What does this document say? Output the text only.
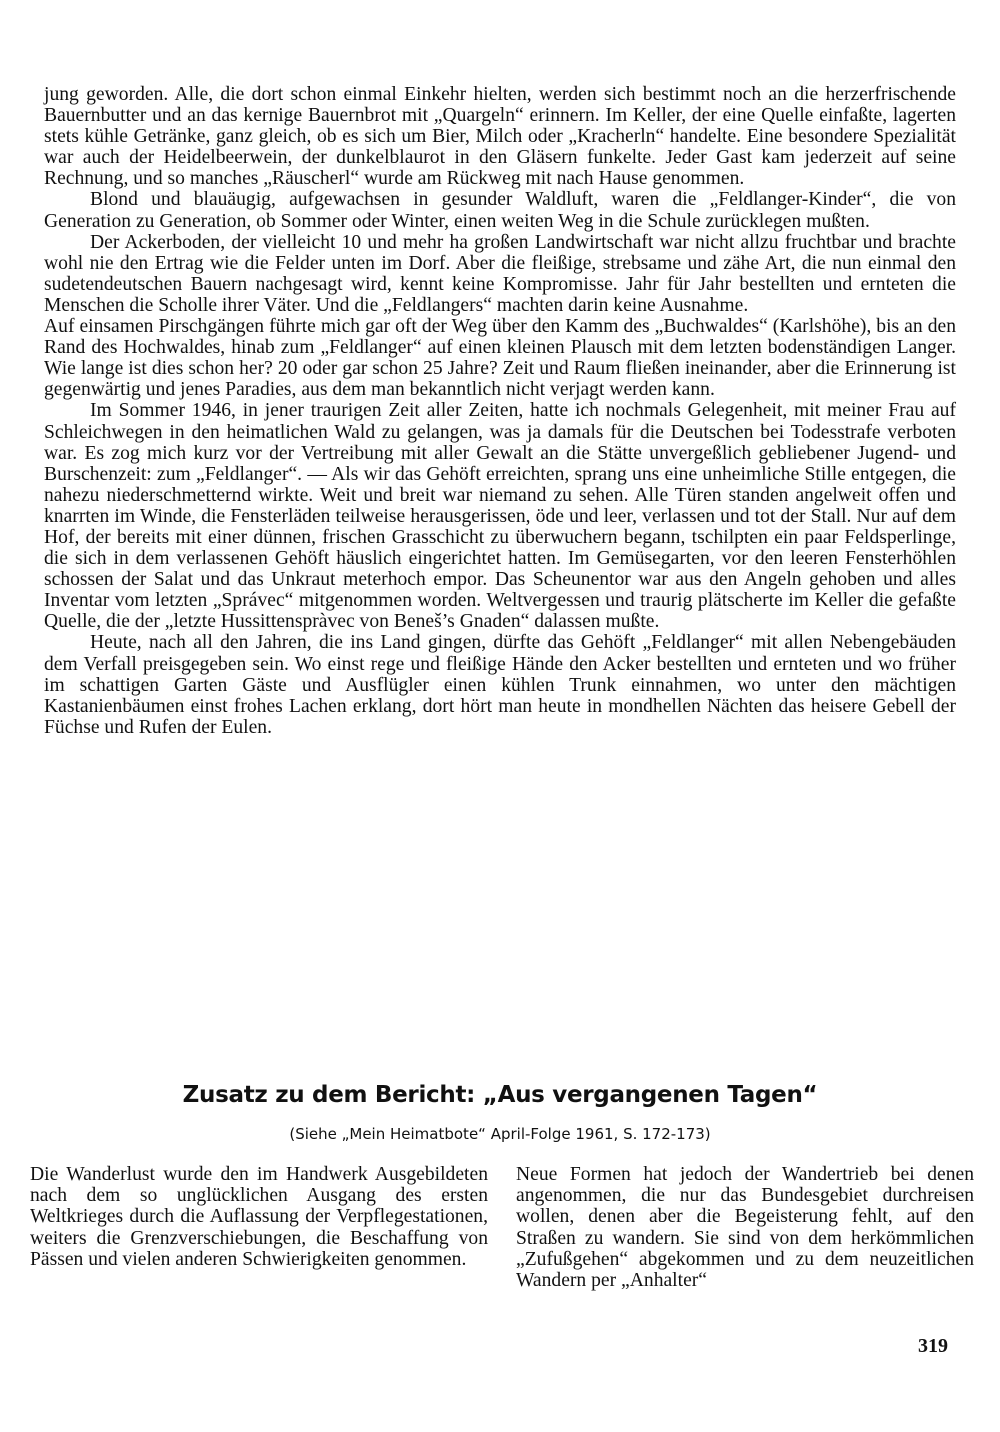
jung geworden. Alle, die dort schon einmal Einkehr hielten, werden sich bestimmt noch an die herzerfrischende Bauernbutter und an das kernige Bauernbrot mit „Quargeln“ erinnern. Im Keller, der eine Quelle einfaßte, lagerten stets kühle Getränke, ganz gleich, ob es sich um Bier, Milch oder „Kracherln“ handelte. Eine besondere Spezialität war auch der Heidelbeerwein, der dunkelblaurot in den Gläsern funkelte. Jeder Gast kam jederzeit auf seine Rechnung, und so manches „Räuscherl“ wurde am Rückweg mit nach Hause genommen.

Blond und blauäugig, aufgewachsen in gesunder Waldluft, waren die „Feldlanger-Kinder“, die von Generation zu Generation, ob Sommer oder Winter, einen weiten Weg in die Schule zurücklegen mußten.

Der Ackerboden, der vielleicht 10 und mehr ha großen Landwirtschaft war nicht allzu fruchtbar und brachte wohl nie den Ertrag wie die Felder unten im Dorf. Aber die fleißige, strebsame und zähe Art, die nun einmal den sudetendeutschen Bauern nachgesagt wird, kennt keine Kompromisse. Jahr für Jahr bestellten und ernteten die Menschen die Scholle ihrer Väter. Und die „Feldlangers“ machten darin keine Ausnahme.

Auf einsamen Pirschgängen führte mich gar oft der Weg über den Kamm des „Buchwaldes“ (Karlshöhe), bis an den Rand des Hochwaldes, hinab zum „Feldlanger“ auf einen kleinen Plausch mit dem letzten bodenständigen Langer. Wie lange ist dies schon her? 20 oder gar schon 25 Jahre? Zeit und Raum fließen ineinander, aber die Erinnerung ist gegenwärtig und jenes Paradies, aus dem man bekanntlich nicht verjagt werden kann.

Im Sommer 1946, in jener traurigen Zeit aller Zeiten, hatte ich nochmals Gelegenheit, mit meiner Frau auf Schleichwegen in den heimatlichen Wald zu gelangen, was ja damals für die Deutschen bei Todesstrafe verboten war. Es zog mich kurz vor der Vertreibung mit aller Gewalt an die Stätte unvergeßlich gebliebener Jugend- und Burschenzeit: zum „Feldlanger“. — Als wir das Gehöft erreichten, sprang uns eine unheimliche Stille entgegen, die nahezu niederschmetternd wirkte. Weit und breit war niemand zu sehen. Alle Türen standen angelweit offen und knarrten im Winde, die Fensterläden teilweise herausgerissen, öde und leer, verlassen und tot der Stall. Nur auf dem Hof, der bereits mit einer dünnen, frischen Grasschicht zu überwuchern begann, tschilpten ein paar Feldsperlinge, die sich in dem verlassenen Gehöft häuslich eingerichtet hatten. Im Gemüsegarten, vor den leeren Fensterhöhlen schossen der Salat und das Unkraut meterhoch empor. Das Scheunentor war aus den Angeln gehoben und alles Inventar vom letzten „Správec“ mitgenommen worden. Weltvergessen und traurig plätscherte im Keller die gefaßte Quelle, die der „letzte Hussittenspràvec von Beneš’s Gnaden“ dalassen mußte.

Heute, nach all den Jahren, die ins Land gingen, dürfte das Gehöft „Feldlanger“ mit allen Nebengebäuden dem Verfall preisgegeben sein. Wo einst rege und fleißige Hände den Acker bestellten und ernteten und wo früher im schattigen Garten Gäste und Ausflügler einen kühlen Trunk einnahmen, wo unter den mächtigen Kastanienbäumen einst frohes Lachen erklang, dort hört man heute in mondhellen Nächten das heisere Gebell der Füchse und Rufen der Eulen.

Zusatz zu dem Bericht: „Aus vergangenen Tagen“
(Siehe „Mein Heimatbote“ April-Folge 1961, S. 172-173)

Die Wanderlust wurde den im Handwerk Ausgebildeten nach dem so unglücklichen Ausgang des ersten Weltkrieges durch die Auflassung der Verpflegestationen, weiters die Grenzverschiebungen, die Beschaffung von Pässen und vielen anderen Schwierigkeiten genommen.

Neue Formen hat jedoch der Wandertrieb bei denen angenommen, die nur das Bundesgebiet durchreisen wollen, denen aber die Begeisterung fehlt, auf den Straßen zu wandern. Sie sind von dem herkömmlichen „Zufußgehen“ abgekommen und zu dem neuzeitlichen Wandern per „Anhalter“

319
